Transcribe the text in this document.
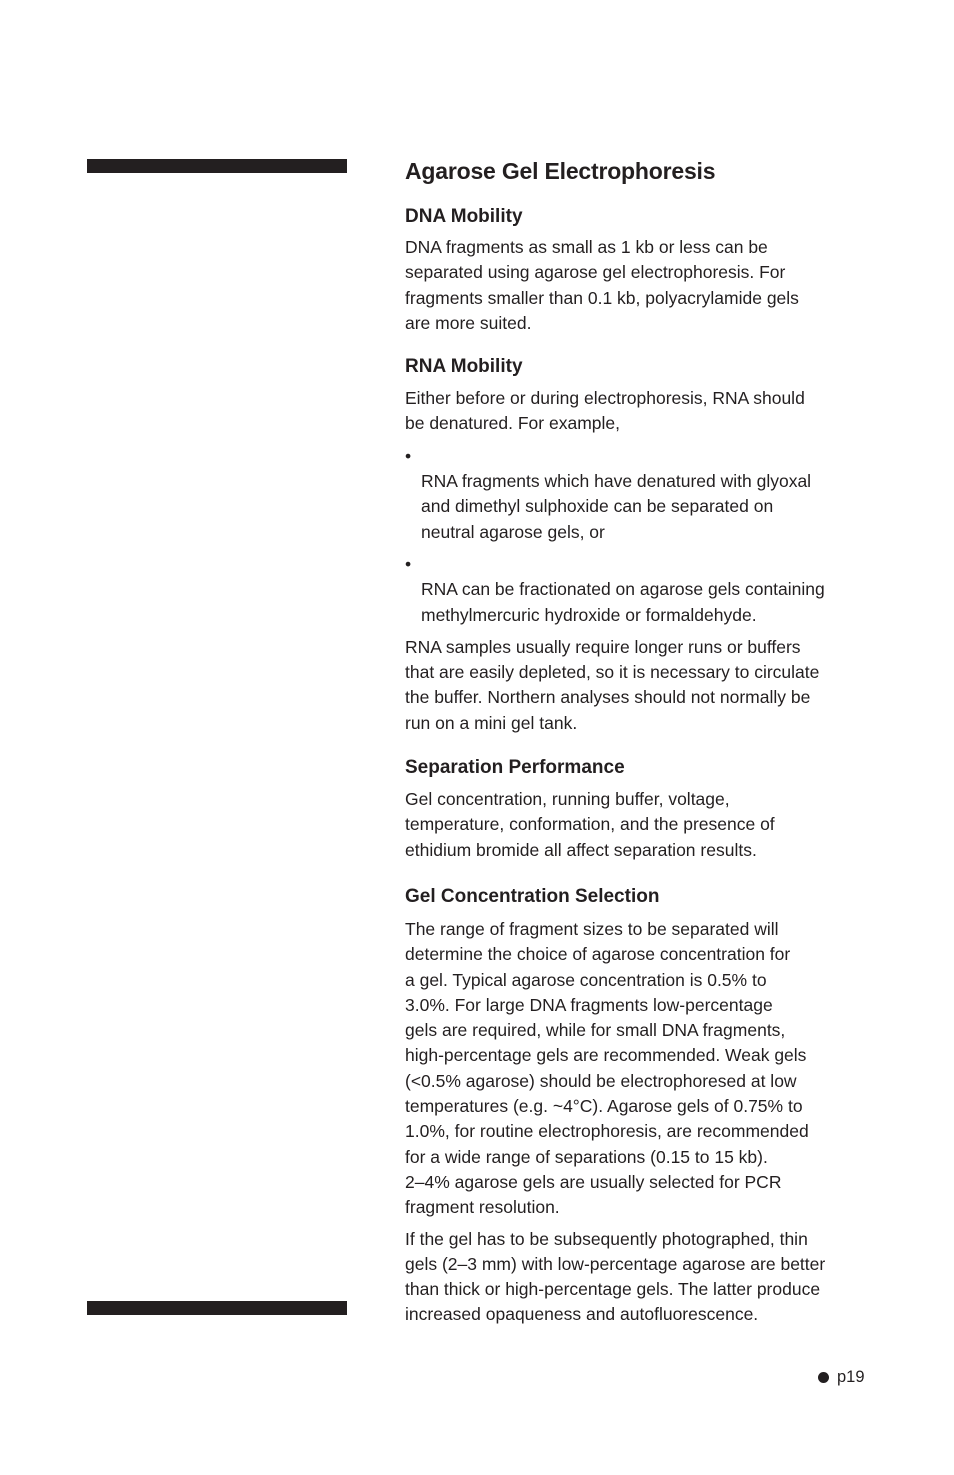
Agarose Gel Electrophoresis
DNA Mobility

DNA fragments as small as 1 kb or less can be
separated using agarose gel electrophoresis. For
fragments smaller than 0.1 kb, polyacrylamide gels
are more suited.

RNA Mobility

Either before or during electrophoresis, RNA should
be denatured. For example,

•
RNA fragments which have denatured with glyoxal
and dimethyl sulphoxide can be separated on
neutral agarose gels, or

•
RNA can be fractionated on agarose gels containing
methylmercuric hydroxide or formaldehyde.

RNA samples usually require longer runs or buffers
that are easily depleted, so it is necessary to circulate
the buffer. Northern analyses should not normally be
run on a mini gel tank.

Separation Performance

Gel concentration, running buffer, voltage,
temperature, conformation, and the presence of
ethidium bromide all affect separation results.

Gel Concentration Selection

The range of fragment sizes to be separated will
determine the choice of agarose concentration for
a gel. Typical agarose concentration is 0.5% to
3.0%. For large DNA fragments low-percentage
gels are required, while for small DNA fragments,
high-percentage gels are recommended. Weak gels
(<0.5% agarose) should be electrophoresed at low
temperatures (e.g. ~4°C). Agarose gels of 0.75% to
1.0%, for routine electrophoresis, are recommended
for a wide range of separations (0.15 to 15 kb).
2–4% agarose gels are usually selected for PCR
fragment resolution.

If the gel has to be subsequently photographed, thin
gels (2–3 mm) with low-percentage agarose are better
than thick or high-percentage gels. The latter produce
increased opaqueness and autofluorescence.

p19
